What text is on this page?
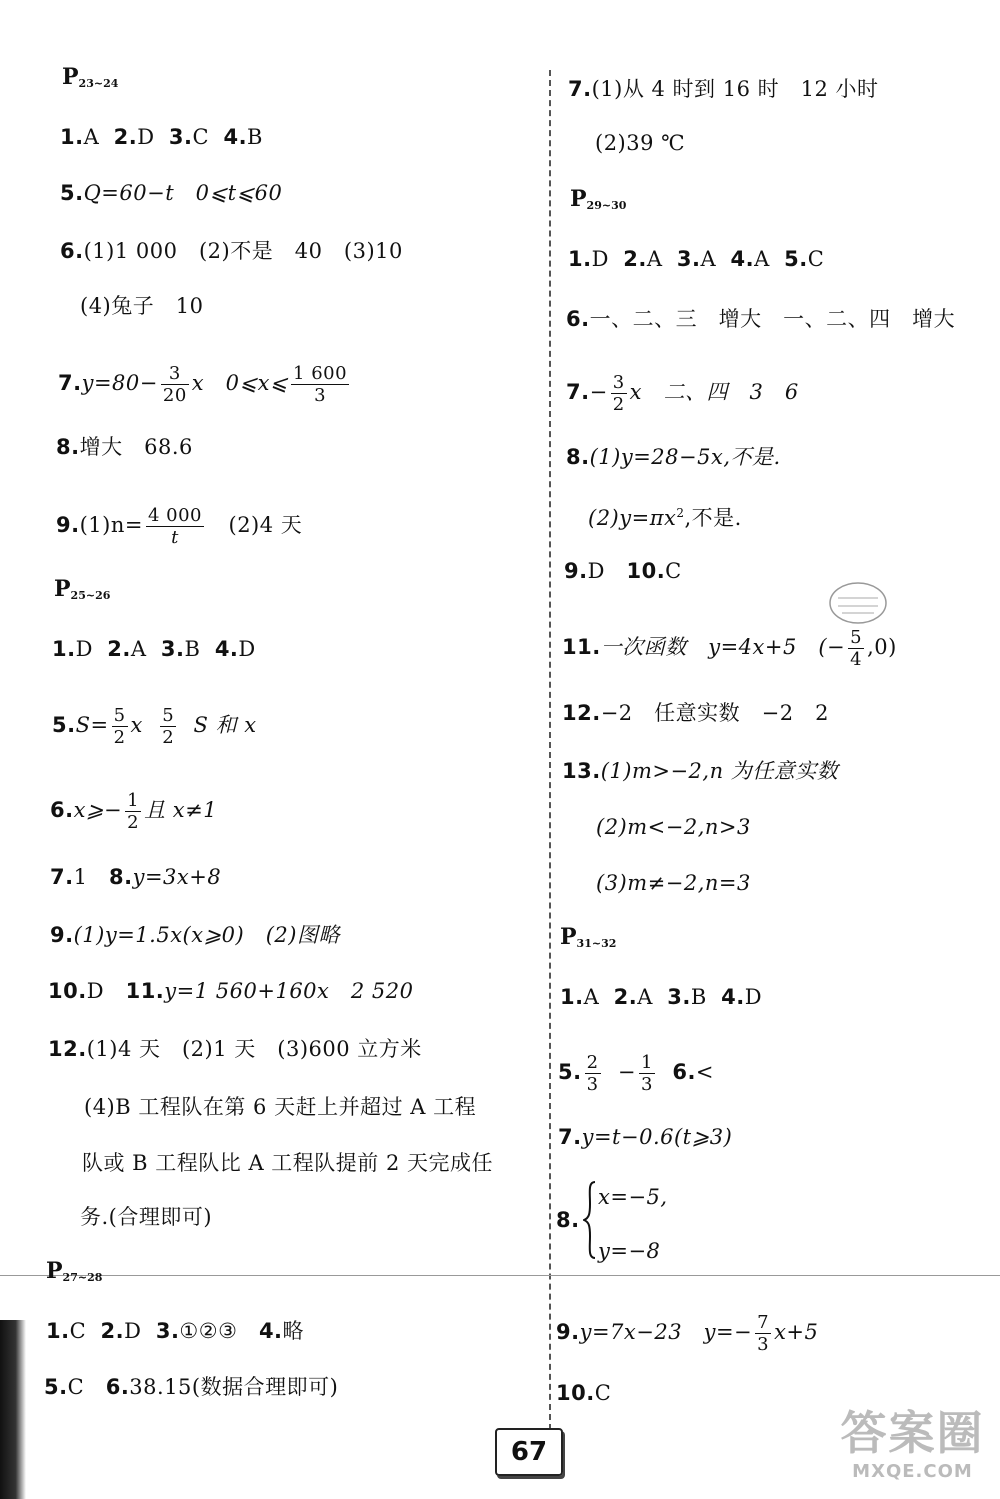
$P_{23\sim 24}$
1.A 2.D 3.C 4.B
5.Q=60−t　0⩽t⩽60
6.(1)1 000　(2)不是　40　(3)10
(4)兔子　10
$7.y=80- \frac{3}{20}$ x　0⩽x⩽ $\frac{1 600}{3}$
8.增大　68.6
$9.(1)n= \frac{4 000}{t}$　(2)4 天
$P_{25\sim 26}$
1.D 2.A 3.B 4.D
$5.S= \frac{5}{2}$ x $\frac{5}{2}$ S 和 x
6.x⩾− $\frac{1}{2}$ 且 x≠1
7.1 8.y=3x+8
9.(1)y=1.5x(x⩾0)　(2)图略
10.D 11.y=1 560+160x　2 520
12.(1)4 天　(2)1 天　(3)600 立方米
(4)B 工程队在第 6 天赶上并超过 A 工程
队或 B 工程队比 A 工程队提前 2 天完成任
务.(合理即可)
$P_{27\sim 28}$
1.C 2.D 3.①②③ 4.略
5.C 6.38.15(数据合理即可)
7.(1)从 4 时到 16 时　12 小时
(2)39 ℃
$P_{29\sim 30}$
1.D 2.A 3.A 4.A 5.C
6.一、二、三　增大　一、二、四　增大
$7.- \frac{3}{2}$ x　二、四　3　6
8.(1)y=28−5x,不是.
$(2)y=\pi x^2$,不是.
9.D 10.C
11.一次函数　y=4x+5　(− $\frac{5}{4} ,0$)
12.−2　任意实数　−2　2
13.(1)m>−2,n 为任意实数
(2)m<−2,n>3
(3)m≠−2,n=3
$P_{31\sim 32}$
1.A 2.A 3.B 4.D
5. $\frac{2}{3} - \frac{1}{3} 6.<$
7.y=t−0.6(t⩾3)
8.
x=−5,
y=−8
9.y=7x−23　$y=- \frac{7}{3} x+5$
10.C
67	答案圈
MXQE.COM
